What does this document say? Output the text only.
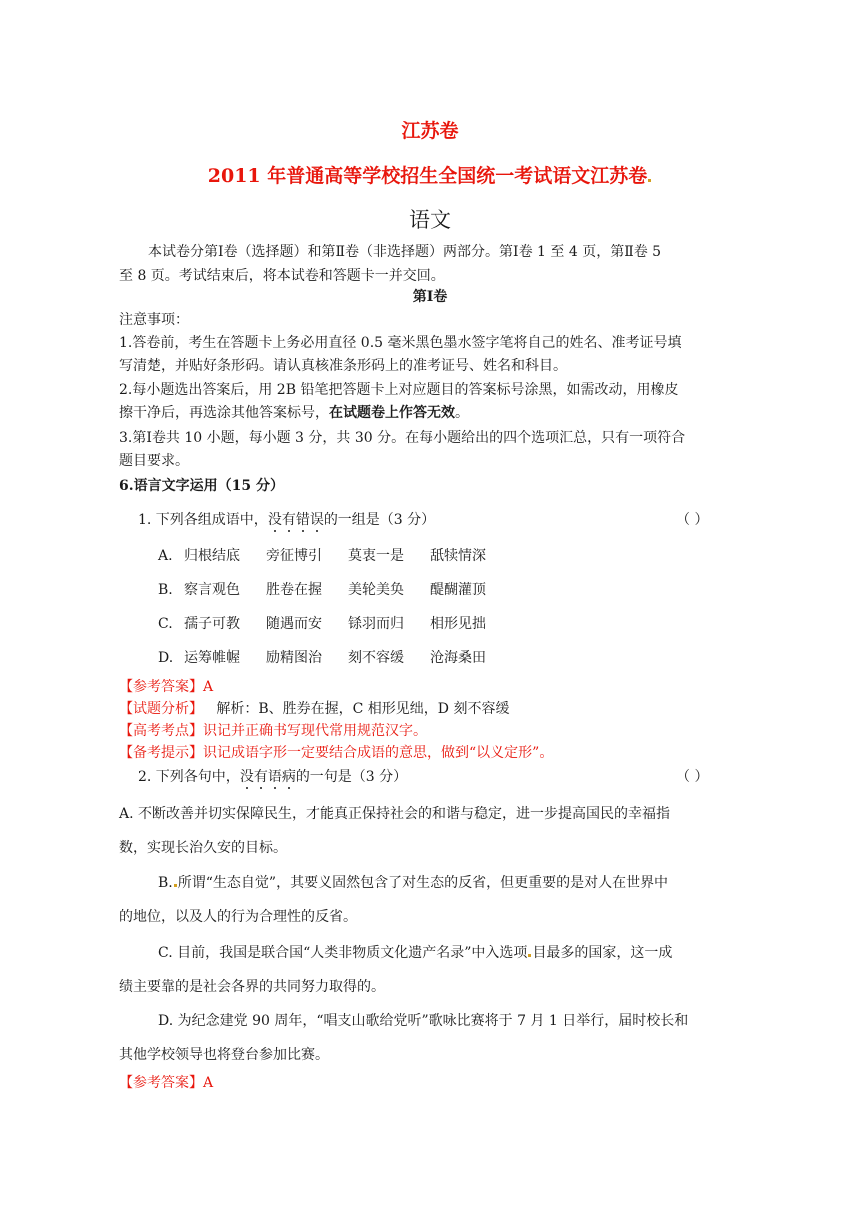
江苏卷
2011 年普通高等学校招生全国统一考试语文江苏卷
语文
本试卷分第Ⅰ卷（选择题）和第Ⅱ卷（非选择题）两部分。第Ⅰ卷 1 至 4 页，第Ⅱ卷 5
至 8 页。考试结束后，将本试卷和答题卡一并交回。
第Ⅰ卷
注意事项：
1.答卷前，考生在答题卡上务必用直径 0.5 毫米黑色墨水签字笔将自己的姓名、准考证号填
写清楚，并贴好条形码。请认真核准条形码上的准考证号、姓名和科目。
2.每小题选出答案后，用 2B 铅笔把答题卡上对应题目的答案标号涂黑，如需改动，用橡皮
擦干净后，再选涂其他答案标号，在试题卷上作答无效。
3.第Ⅰ卷共 10 小题，每小题 3 分，共 30 分。在每小题给出的四个选项汇总，只有一项符合
题目要求。
6.语言文字运用（15 分）
1. 下列各组成语中，没有错误的一组是（3 分）	（ ）
A. 归根结底 旁征博引 莫衷一是 舐犊情深
B. 察言观色 胜卷在握 美轮美奂 醍醐灌顶
C. 孺子可教 随遇而安 铩羽而归 相形见拙
D. 运筹帷幄 励精图治 刻不容缓 沧海桑田
【参考答案】A
【试题分析】   解析：B、胜券在握，C 相形见绌，D 刻不容缓
【高考考点】识记并正确书写现代常用规范汉字。
【备考提示】识记成语字形一定要结合成语的意思，做到“以义定形”。
2. 下列各句中，没有语病的一句是（3 分）	（ ）
A. 不断改善并切实保障民生，才能真正保持社会的和谐与稳定，进一步提高国民的幸福指
数，实现长治久安的目标。
B. 所谓“生态自觉”，其要义固然包含了对生态的反省，但更重要的是对人在世界中
的地位，以及人的行为合理性的反省。
C. 目前，我国是联合国“人类非物质文化遗产名录”中入选项 目最多的国家，这一成
绩主要靠的是社会各界的共同努力取得的。
D. 为纪念建党 90 周年，“唱支山歌给党听”歌咏比赛将于 7 月 1 日举行，届时校长和
其他学校领导也将登台参加比赛。
【参考答案】A
